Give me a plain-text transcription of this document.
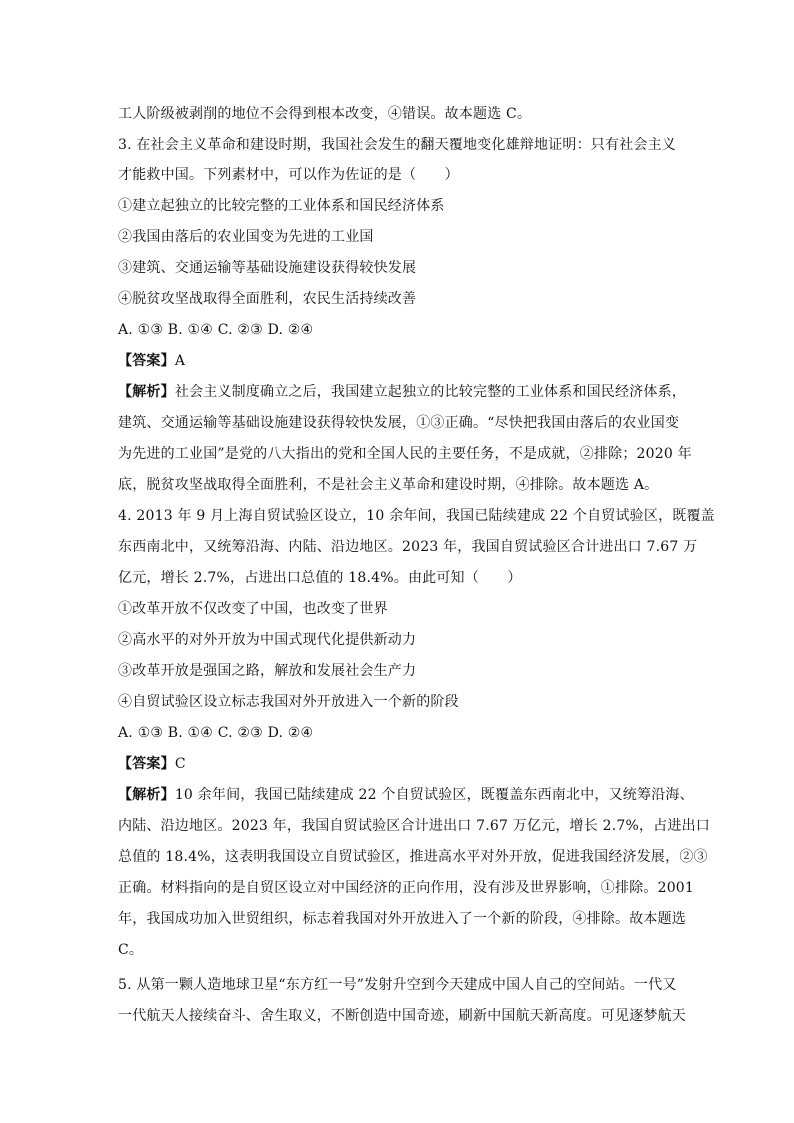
工人阶级被剥削的地位不会得到根本改变，④错误。故本题选 C。
3. 在社会主义革命和建设时期，我国社会发生的翻天覆地变化雄辩地证明：只有社会主义
才能救中国。下列素材中，可以作为佐证的是（　　）
①建立起独立的比较完整的工业体系和国民经济体系
②我国由落后的农业国变为先进的工业国
③建筑、交通运输等基础设施建设获得较快发展
④脱贫攻坚战取得全面胜利，农民生活持续改善
A. ①③ B. ①④ C. ②③ D. ②④
【答案】A
【解析】社会主义制度确立之后，我国建立起独立的比较完整的工业体系和国民经济体系，
建筑、交通运输等基础设施建设获得较快发展，①③正确。“尽快把我国由落后的农业国变
为先进的工业国”是党的八大指出的党和全国人民的主要任务，不是成就，②排除；2020 年
底，脱贫攻坚战取得全面胜利，不是社会主义革命和建设时期，④排除。故本题选 A。
4. 2013 年 9 月上海自贸试验区设立，10 余年间，我国已陆续建成 22 个自贸试验区，既覆盖
东西南北中，又统筹沿海、内陆、沿边地区。2023 年，我国自贸试验区合计进出口 7.67 万
亿元，增长 2.7%，占进出口总值的 18.4%。由此可知（　　）
①改革开放不仅改变了中国，也改变了世界
②高水平的对外开放为中国式现代化提供新动力
③改革开放是强国之路，解放和发展社会生产力
④自贸试验区设立标志我国对外开放进入一个新的阶段
A. ①③ B. ①④ C. ②③ D. ②④
【答案】C
【解析】10 余年间，我国已陆续建成 22 个自贸试验区，既覆盖东西南北中，又统筹沿海、
内陆、沿边地区。2023 年，我国自贸试验区合计进出口 7.67 万亿元，增长 2.7%，占进出口
总值的 18.4%，这表明我国设立自贸试验区，推进高水平对外开放，促进我国经济发展，②③
正确。材料指向的是自贸区设立对中国经济的正向作用，没有涉及世界影响，①排除。2001
年，我国成功加入世贸组织，标志着我国对外开放进入了一个新的阶段，④排除。故本题选
C。
5. 从第一颗人造地球卫星“东方红一号”发射升空到今天建成中国人自己的空间站。一代又
一代航天人接续奋斗、舍生取义，不断创造中国奇迹，刷新中国航天新高度。可见逐梦航天
